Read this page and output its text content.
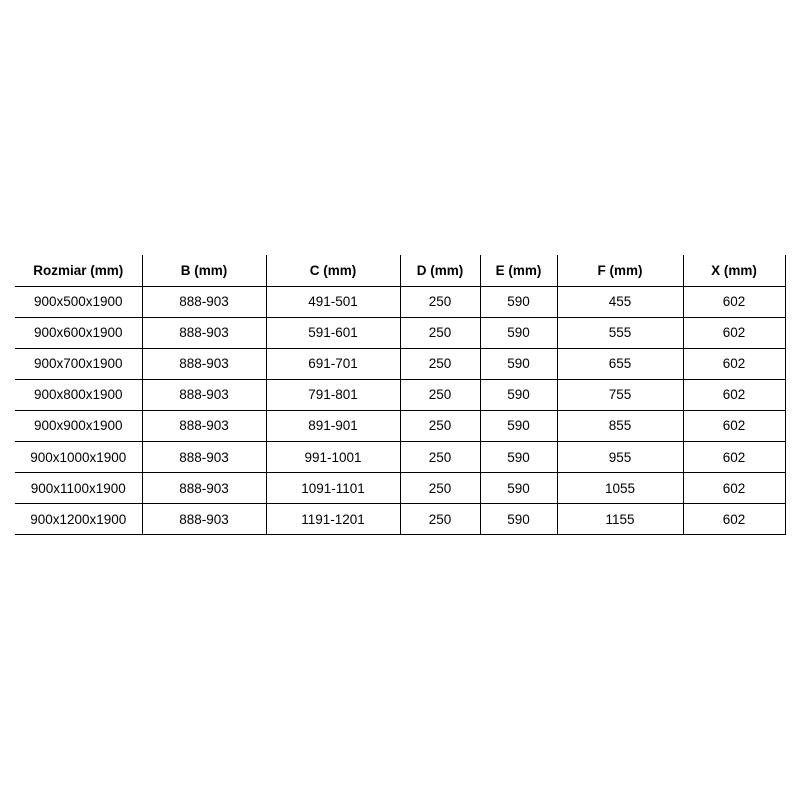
Rozmiar (mm)	B (mm)	C (mm)	D (mm)	E (mm)	F (mm)	X (mm)
900x500x1900	888-903	491-501	250	590	455	602
900x600x1900	888-903	591-601	250	590	555	602
900x700x1900	888-903	691-701	250	590	655	602
900x800x1900	888-903	791-801	250	590	755	602
900x900x1900	888-903	891-901	250	590	855	602
900x1000x1900	888-903	991-1001	250	590	955	602
900x1100x1900	888-903	1091-1101	250	590	1055	602
900x1200x1900	888-903	1191-1201	250	590	1155	602
